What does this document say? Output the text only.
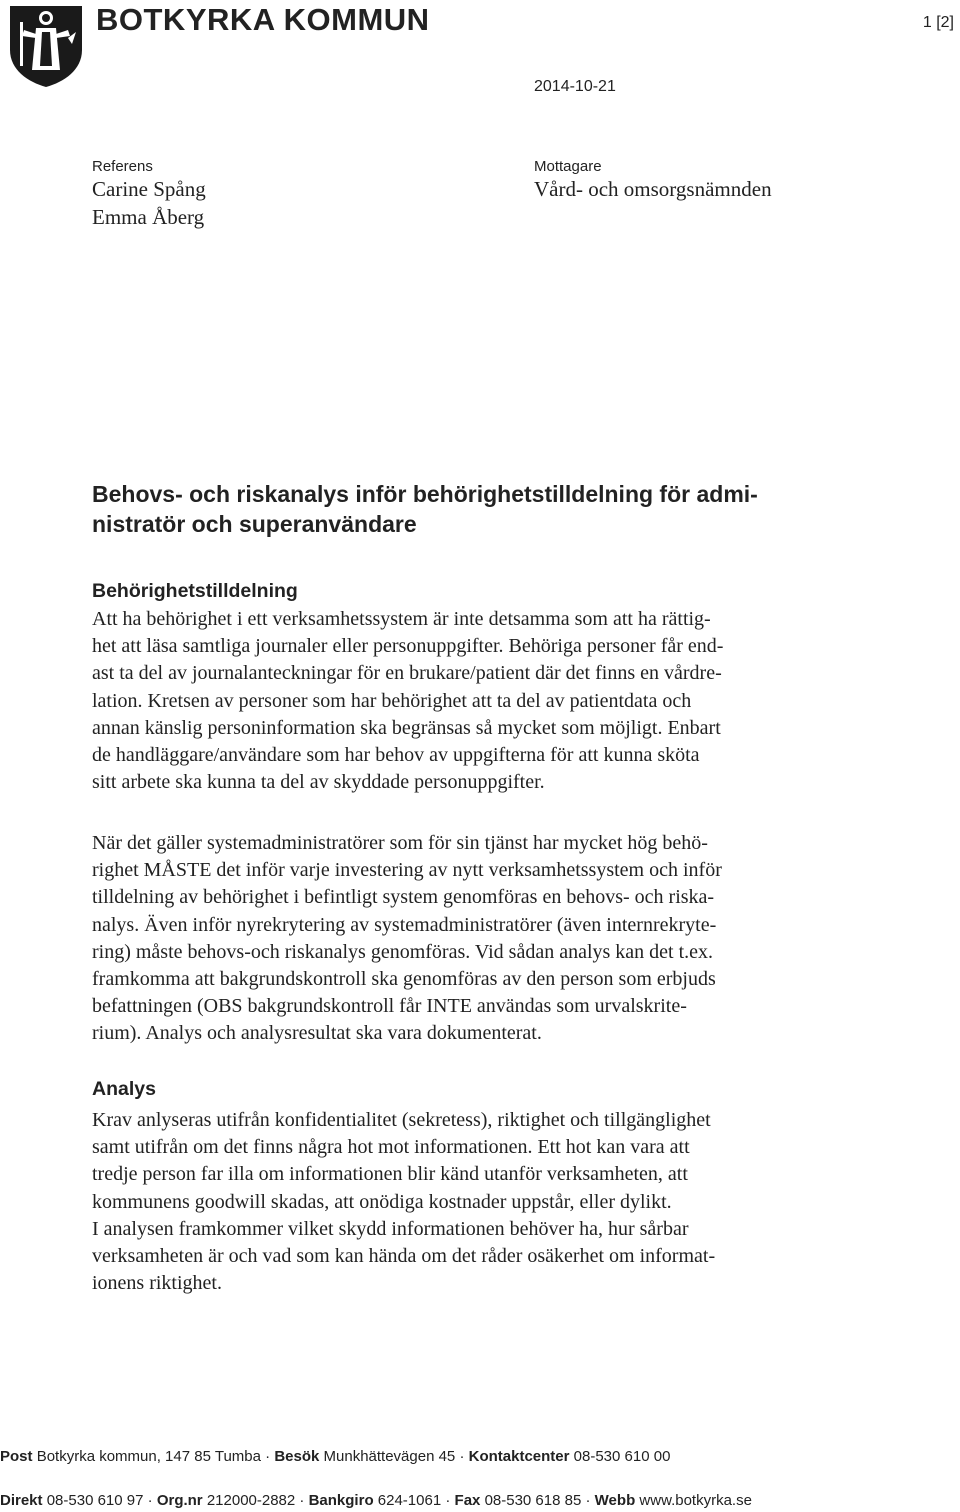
BOTKYRKA KOMMUN	1 [2]
2014-10-21
Referens
Carine Spång
Emma Åberg
Mottagare
Vård- och omsorgsnämnden
Behovs- och riskanalys inför behörighetstilldelning för admi-
nistratör och superanvändare
Behörighetstilldelning
Att ha behörighet i ett verksamhetssystem är inte detsamma som att ha rättig-
het att läsa samtliga journaler eller personuppgifter. Behöriga personer får end-
ast ta del av journalanteckningar för en brukare/patient där det finns en vårdre-
lation. Kretsen av personer som har behörighet att ta del av patientdata och
annan känslig personinformation ska begränsas så mycket som möjligt. Enbart
de handläggare/användare som har behov av uppgifterna för att kunna sköta
sitt arbete ska kunna ta del av skyddade personuppgifter.
När det gäller systemadministratörer som för sin tjänst har mycket hög behö-
righet MÅSTE det inför varje investering av nytt verksamhetssystem och inför
tilldelning av behörighet i befintligt system genomföras en behovs- och riska-
nalys. Även inför nyrekrytering av systemadministratörer (även internrekryte-
ring) måste behovs-och riskanalys genomföras. Vid sådan analys kan det t.ex.
framkomma att bakgrundskontroll ska genomföras av den person som erbjuds
befattningen (OBS bakgrundskontroll får INTE användas som urvalskrite-
rium). Analys och analysresultat ska vara dokumenterat.
Analys
Krav anlyseras utifrån konfidentialitet (sekretess), riktighet och tillgänglighet
samt utifrån om det finns några hot mot informationen. Ett hot kan vara att
tredje person far illa om informationen blir känd utanför verksamheten, att
kommunens goodwill skadas, att onödiga kostnader uppstår, eller dylikt.
I analysen framkommer vilket skydd informationen behöver ha, hur sårbar
verksamheten är och vad som kan hända om det råder osäkerhet om informat-
ionens riktighet.
Post Botkyrka kommun, 147 85 Tumba · Besök Munkhättevägen 45 · Kontaktcenter 08-530 610 00
Direkt 08-530 610 97 · Org.nr 212000-2882 · Bankgiro 624-1061 · Fax 08-530 618 85 · Webb www.botkyrka.se
